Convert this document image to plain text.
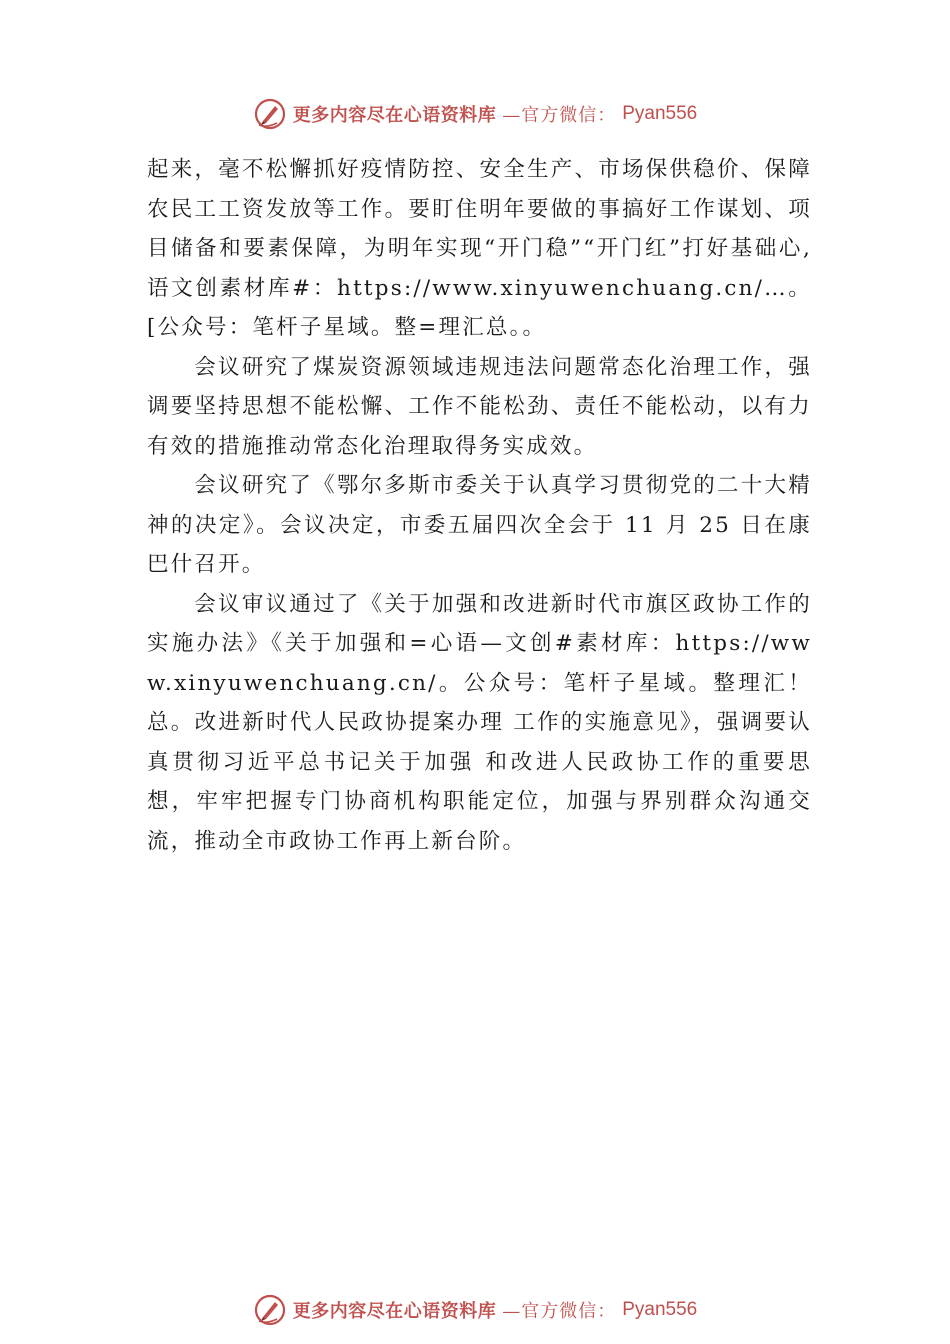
更多内容尽在心语资料库 —官方微信： Pyan556

起来，毫不松懈抓好疫情防控、安全生产、市场保供稳价、保障农民工工资发放等工作。要盯住明年要做的事搞好工作谋划、项目储备和要素保障，为明年实现“开门稳”“开门红”打好基础心,语文创素材库#：https://www.xinyuwenchuang.cn/…。[公众号：笔杆子星域。整=理汇总。。

会议研究了煤炭资源领域违规违法问题常态化治理工作，强调要坚持思想不能松懈、工作不能松劲、责任不能松动，以有力有效的措施推动常态化治理取得务实成效。

会议研究了《鄂尔多斯市委关于认真学习贯彻党的二十大精神的决定》。会议决定，市委五届四次全会于 11 月 25 日在康巴什召开。

会议审议通过了《关于加强和改进新时代市旗区政协工作的实施办法》《关于加强和=心语—文创#素材库：https://www.xinyuwenchuang.cn/。公众号：笔杆子星域。整理汇！总。改进新时代人民政协提案办理 工作的实施意见》，强调要认真贯彻习近平总书记关于加强 和改进人民政协工作的重要思想，牢牢把握专门协商机构职能定位，加强与界别群众沟通交流，推动全市政协工作再上新台阶。

更多内容尽在心语资料库 —官方微信： Pyan556
